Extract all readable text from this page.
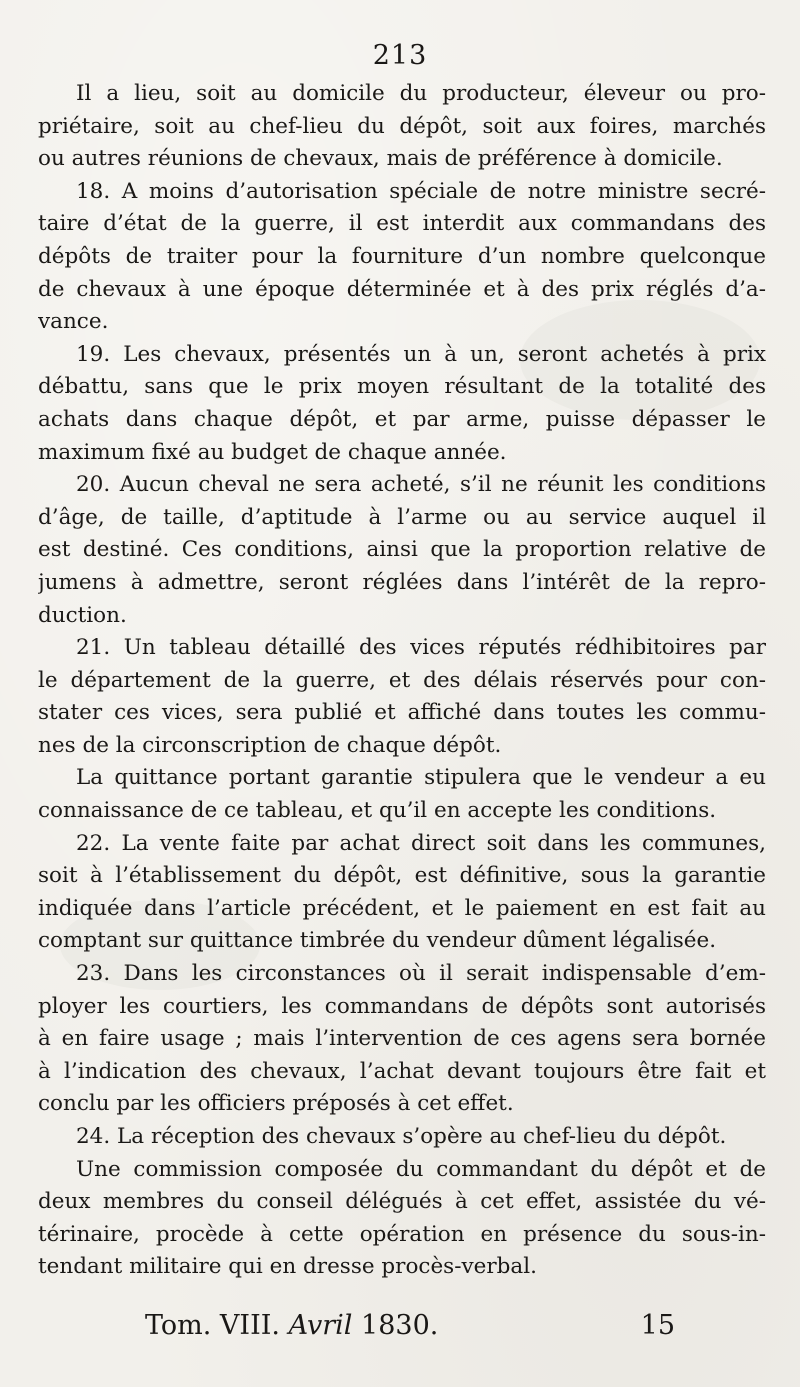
213
Il a lieu, soit au domicile du producteur, éleveur ou pro-
priétaire, soit au chef-lieu du dépôt, soit aux foires, marchés
ou autres réunions de chevaux, mais de préférence à domicile.
18. A moins d’autorisation spéciale de notre ministre secré-
taire d’état de la guerre, il est interdit aux commandans des
dépôts de traiter pour la fourniture d’un nombre quelconque
de chevaux à une époque déterminée et à des prix réglés d’a-
vance.
19. Les chevaux, présentés un à un, seront achetés à prix
débattu, sans que le prix moyen résultant de la totalité des
achats dans chaque dépôt, et par arme, puisse dépasser le
maximum fixé au budget de chaque année.
20. Aucun cheval ne sera acheté, s’il ne réunit les conditions
d’âge, de taille, d’aptitude à l’arme ou au service auquel il
est destiné. Ces conditions, ainsi que la proportion relative de
jumens à admettre, seront réglées dans l’intérêt de la repro-
duction.
21. Un tableau détaillé des vices réputés rédhibitoires par
le département de la guerre, et des délais réservés pour con-
stater ces vices, sera publié et affiché dans toutes les commu-
nes de la circonscription de chaque dépôt.
La quittance portant garantie stipulera que le vendeur a eu
connaissance de ce tableau, et qu’il en accepte les conditions.
22. La vente faite par achat direct soit dans les communes,
soit à l’établissement du dépôt, est définitive, sous la garantie
indiquée dans l’article précédent, et le paiement en est fait au
comptant sur quittance timbrée du vendeur dûment légalisée.
23. Dans les circonstances où il serait indispensable d’em-
ployer les courtiers, les commandans de dépôts sont autorisés
à en faire usage ; mais l’intervention de ces agens sera bornée
à l’indication des chevaux, l’achat devant toujours être fait et
conclu par les officiers préposés à cet effet.
24. La réception des chevaux s’opère au chef-lieu du dépôt.
Une commission composée du commandant du dépôt et de
deux membres du conseil délégués à cet effet, assistée du vé-
térinaire, procède à cette opération en présence du sous-in-
tendant militaire qui en dresse procès-verbal.
Tom. VIII. Avril 1830.	15
